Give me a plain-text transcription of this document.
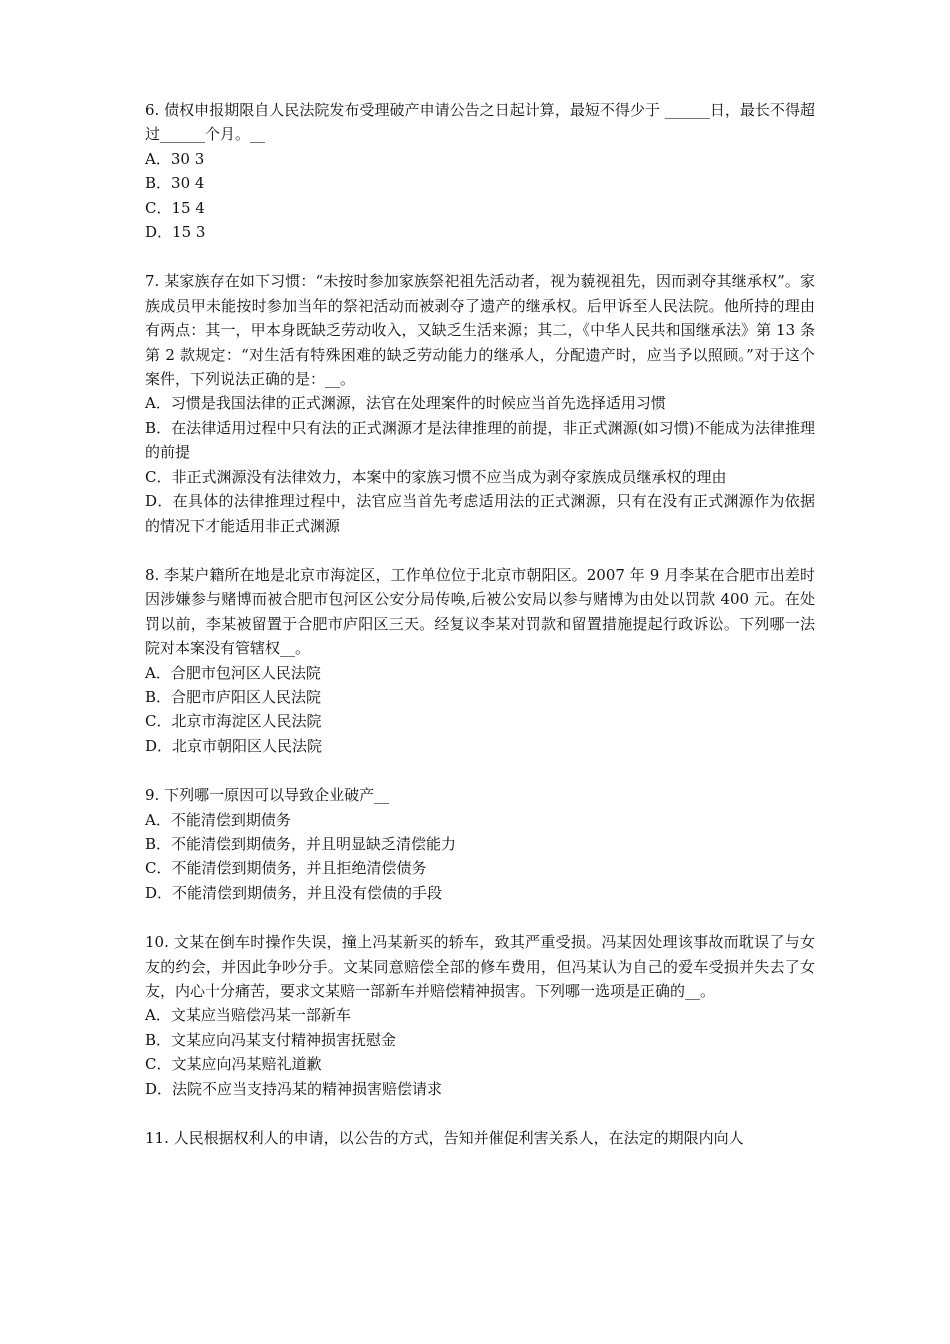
6. 债权申报期限自人民法院发布受理破产申请公告之日起计算，最短不得少于 ______日，最长不得超过______个月。__

A．30 3

B．30 4

C．15 4

D．15 3

7. 某家族存在如下习惯：“未按时参加家族祭祀祖先活动者，视为藐视祖先，因而剥夺其继承权”。家族成员甲未能按时参加当年的祭祀活动而被剥夺了遗产的继承权。后甲诉至人民法院。他所持的理由有两点：其一，甲本身既缺乏劳动收入，又缺乏生活来源；其二，《中华人民共和国继承法》第 13 条第 2 款规定：“对生活有特殊困难的缺乏劳动能力的继承人，分配遗产时，应当予以照顾。”对于这个案件，下列说法正确的是：__。

A．习惯是我国法律的正式渊源，法官在处理案件的时候应当首先选择适用习惯

B．在法律适用过程中只有法的正式渊源才是法律推理的前提，非正式渊源(如习惯)不能成为法律推理的前提

C．非正式渊源没有法律效力，本案中的家族习惯不应当成为剥夺家族成员继承权的理由

D．在具体的法律推理过程中，法官应当首先考虑适用法的正式渊源，只有在没有正式渊源作为依据的情况下才能适用非正式渊源

8. 李某户籍所在地是北京市海淀区，工作单位位于北京市朝阳区。2007 年 9 月李某在合肥市出差时因涉嫌参与赌博而被合肥市包河区公安分局传唤,后被公安局以参与赌博为由处以罚款 400 元。在处罚以前，李某被留置于合肥市庐阳区三天。经复议李某对罚款和留置措施提起行政诉讼。下列哪一法院对本案没有管辖权__。

A．合肥市包河区人民法院

B．合肥市庐阳区人民法院

C．北京市海淀区人民法院

D．北京市朝阳区人民法院

9. 下列哪一原因可以导致企业破产__

A．不能清偿到期债务

B．不能清偿到期债务，并且明显缺乏清偿能力

C．不能清偿到期债务，并且拒绝清偿债务

D．不能清偿到期债务，并且没有偿债的手段

10. 文某在倒车时操作失误，撞上冯某新买的轿车，致其严重受损。冯某因处理该事故而耽误了与女友的约会，并因此争吵分手。文某同意赔偿全部的修车费用，但冯某认为自己的爱车受损并失去了女友，内心十分痛苦，要求文某赔一部新车并赔偿精神损害。下列哪一选项是正确的__。

A．文某应当赔偿冯某一部新车

B．文某应向冯某支付精神损害抚慰金

C．文某应向冯某赔礼道歉

D．法院不应当支持冯某的精神损害赔偿请求

11. 人民根据权利人的申请，以公告的方式，告知并催促利害关系人，在法定的期限内向人
